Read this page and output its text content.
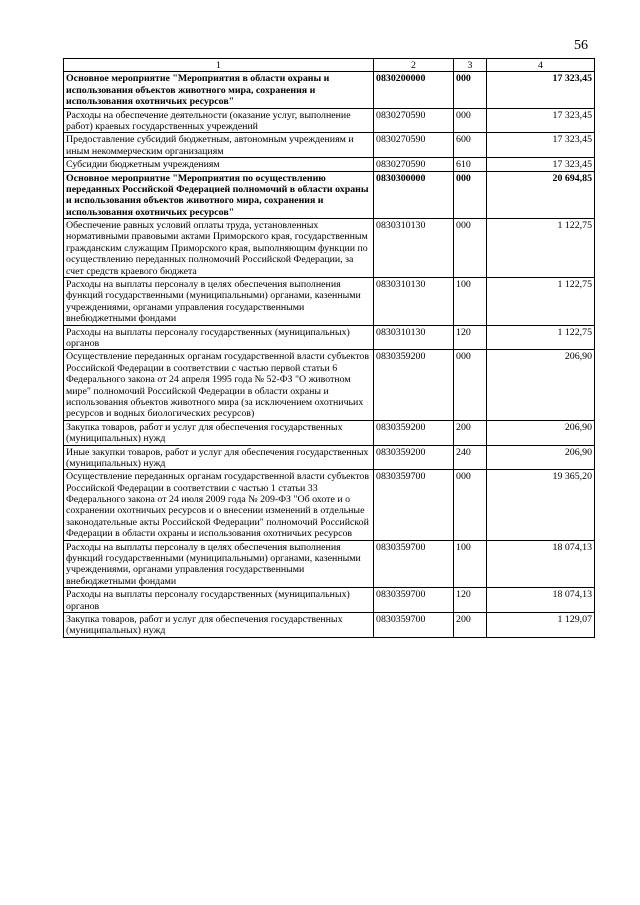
56
1	2	3	4
Основное мероприятие "Мероприятия в области охраны и использования объектов животного мира, сохранения и использования охотничьих ресурсов"	0830200000	000	17 323,45
Расходы на обеспечение деятельности (оказание услуг, выполнение работ) краевых государственных учреждений	0830270590	000	17 323,45
Предоставление субсидий бюджетным, автономным учреждениям и иным некоммерческим организациям	0830270590	600	17 323,45
Субсидии бюджетным учреждениям	0830270590	610	17 323,45
Основное мероприятие "Мероприятия по осуществлению переданных Российской Федерацией полномочий в области охраны и использования объектов животного мира, сохранения и использования охотничьих ресурсов"	0830300000	000	20 694,85
Обеспечение равных условий оплаты труда, установленных нормативными правовыми актами Приморского края, государственным гражданским служащим Приморского края, выполняющим функции по осуществлению переданных полномочий Российской Федерации, за счет средств краевого бюджета	0830310130	000	1 122,75
Расходы на выплаты персоналу в целях обеспечения выполнения функций государственными (муниципальными) органами, казенными учреждениями, органами управления государственными внебюджетными фондами	0830310130	100	1 122,75
Расходы на выплаты персоналу государственных (муниципальных) органов	0830310130	120	1 122,75
Осуществление переданных органам государственной власти субъектов Российской Федерации в соответствии с частью первой статьи 6 Федерального закона от 24 апреля 1995 года № 52-ФЗ "О животном мире" полномочий Российской Федерации в области охраны и использования объектов животного мира (за исключением охотничьих ресурсов и водных биологических ресурсов)	0830359200	000	206,90
Закупка товаров, работ и услуг для обеспечения государственных (муниципальных) нужд	0830359200	200	206,90
Иные закупки товаров, работ и услуг для обеспечения государственных (муниципальных) нужд	0830359200	240	206,90
Осуществление переданных органам государственной власти субъектов Российской Федерации в соответствии с частью 1 статьи 33 Федерального закона от 24 июля 2009 года № 209-ФЗ "Об охоте и о сохранении охотничьих ресурсов и о внесении изменений в отдельные законодательные акты Российской Федерации" полномочий Российской Федерации в области охраны и использования охотничьих ресурсов	0830359700	000	19 365,20
Расходы на выплаты персоналу в целях обеспечения выполнения функций государственными (муниципальными) органами, казенными учреждениями, органами управления государственными внебюджетными фондами	0830359700	100	18 074,13
Расходы на выплаты персоналу государственных (муниципальных) органов	0830359700	120	18 074,13
Закупка товаров, работ и услуг для обеспечения государственных (муниципальных) нужд	0830359700	200	1 129,07
